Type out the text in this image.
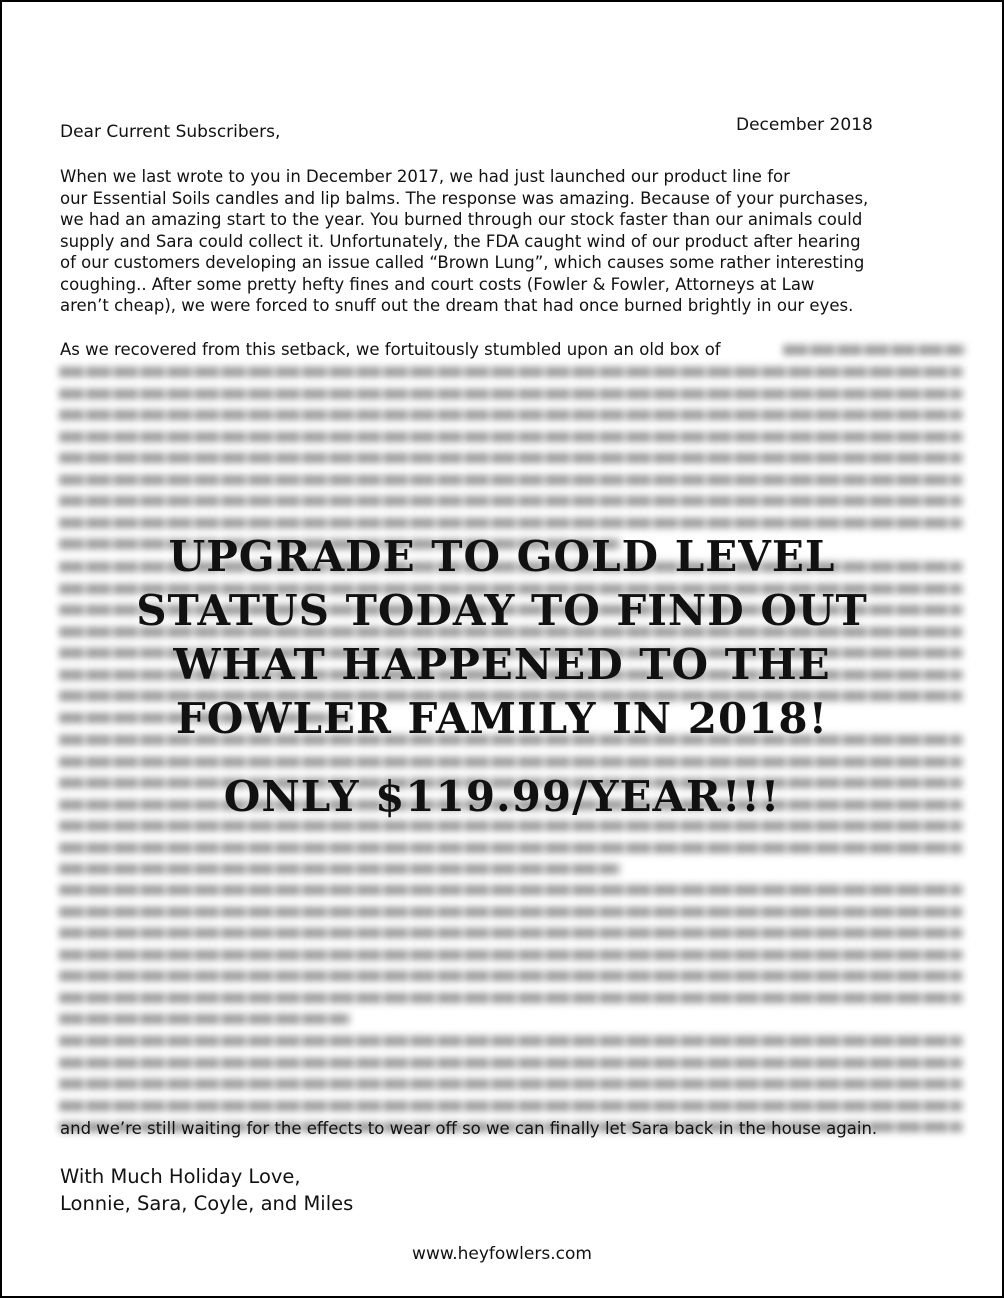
December 2018
Dear Current Subscribers,
When we last wrote to you in December 2017, we had just launched our product line for
our Essential Soils candles and lip balms. The response was amazing. Because of your purchases,
we had an amazing start to the year. You burned through our stock faster than our animals could
supply and Sara could collect it. Unfortunately, the FDA caught wind of our product after hearing
of our customers developing an issue called “Brown Lung”, which causes some rather interesting
coughing.. After some pretty hefty fines and court costs (Fowler & Fowler, Attorneys at Law
aren’t cheap), we were forced to snuff out the dream that had once burned brightly in our eyes.
As we recovered from this setback, we fortuitously stumbled upon an old box of
UPGRADE TO GOLD LEVEL
STATUS TODAY TO FIND OUT
WHAT HAPPENED TO THE
FOWLER FAMILY IN 2018!
ONLY $119.99/YEAR!!!
and we’re still waiting for the effects to wear off so we can finally let Sara back in the house again.
With Much Holiday Love,
Lonnie, Sara, Coyle, and Miles
www.heyfowlers.com
